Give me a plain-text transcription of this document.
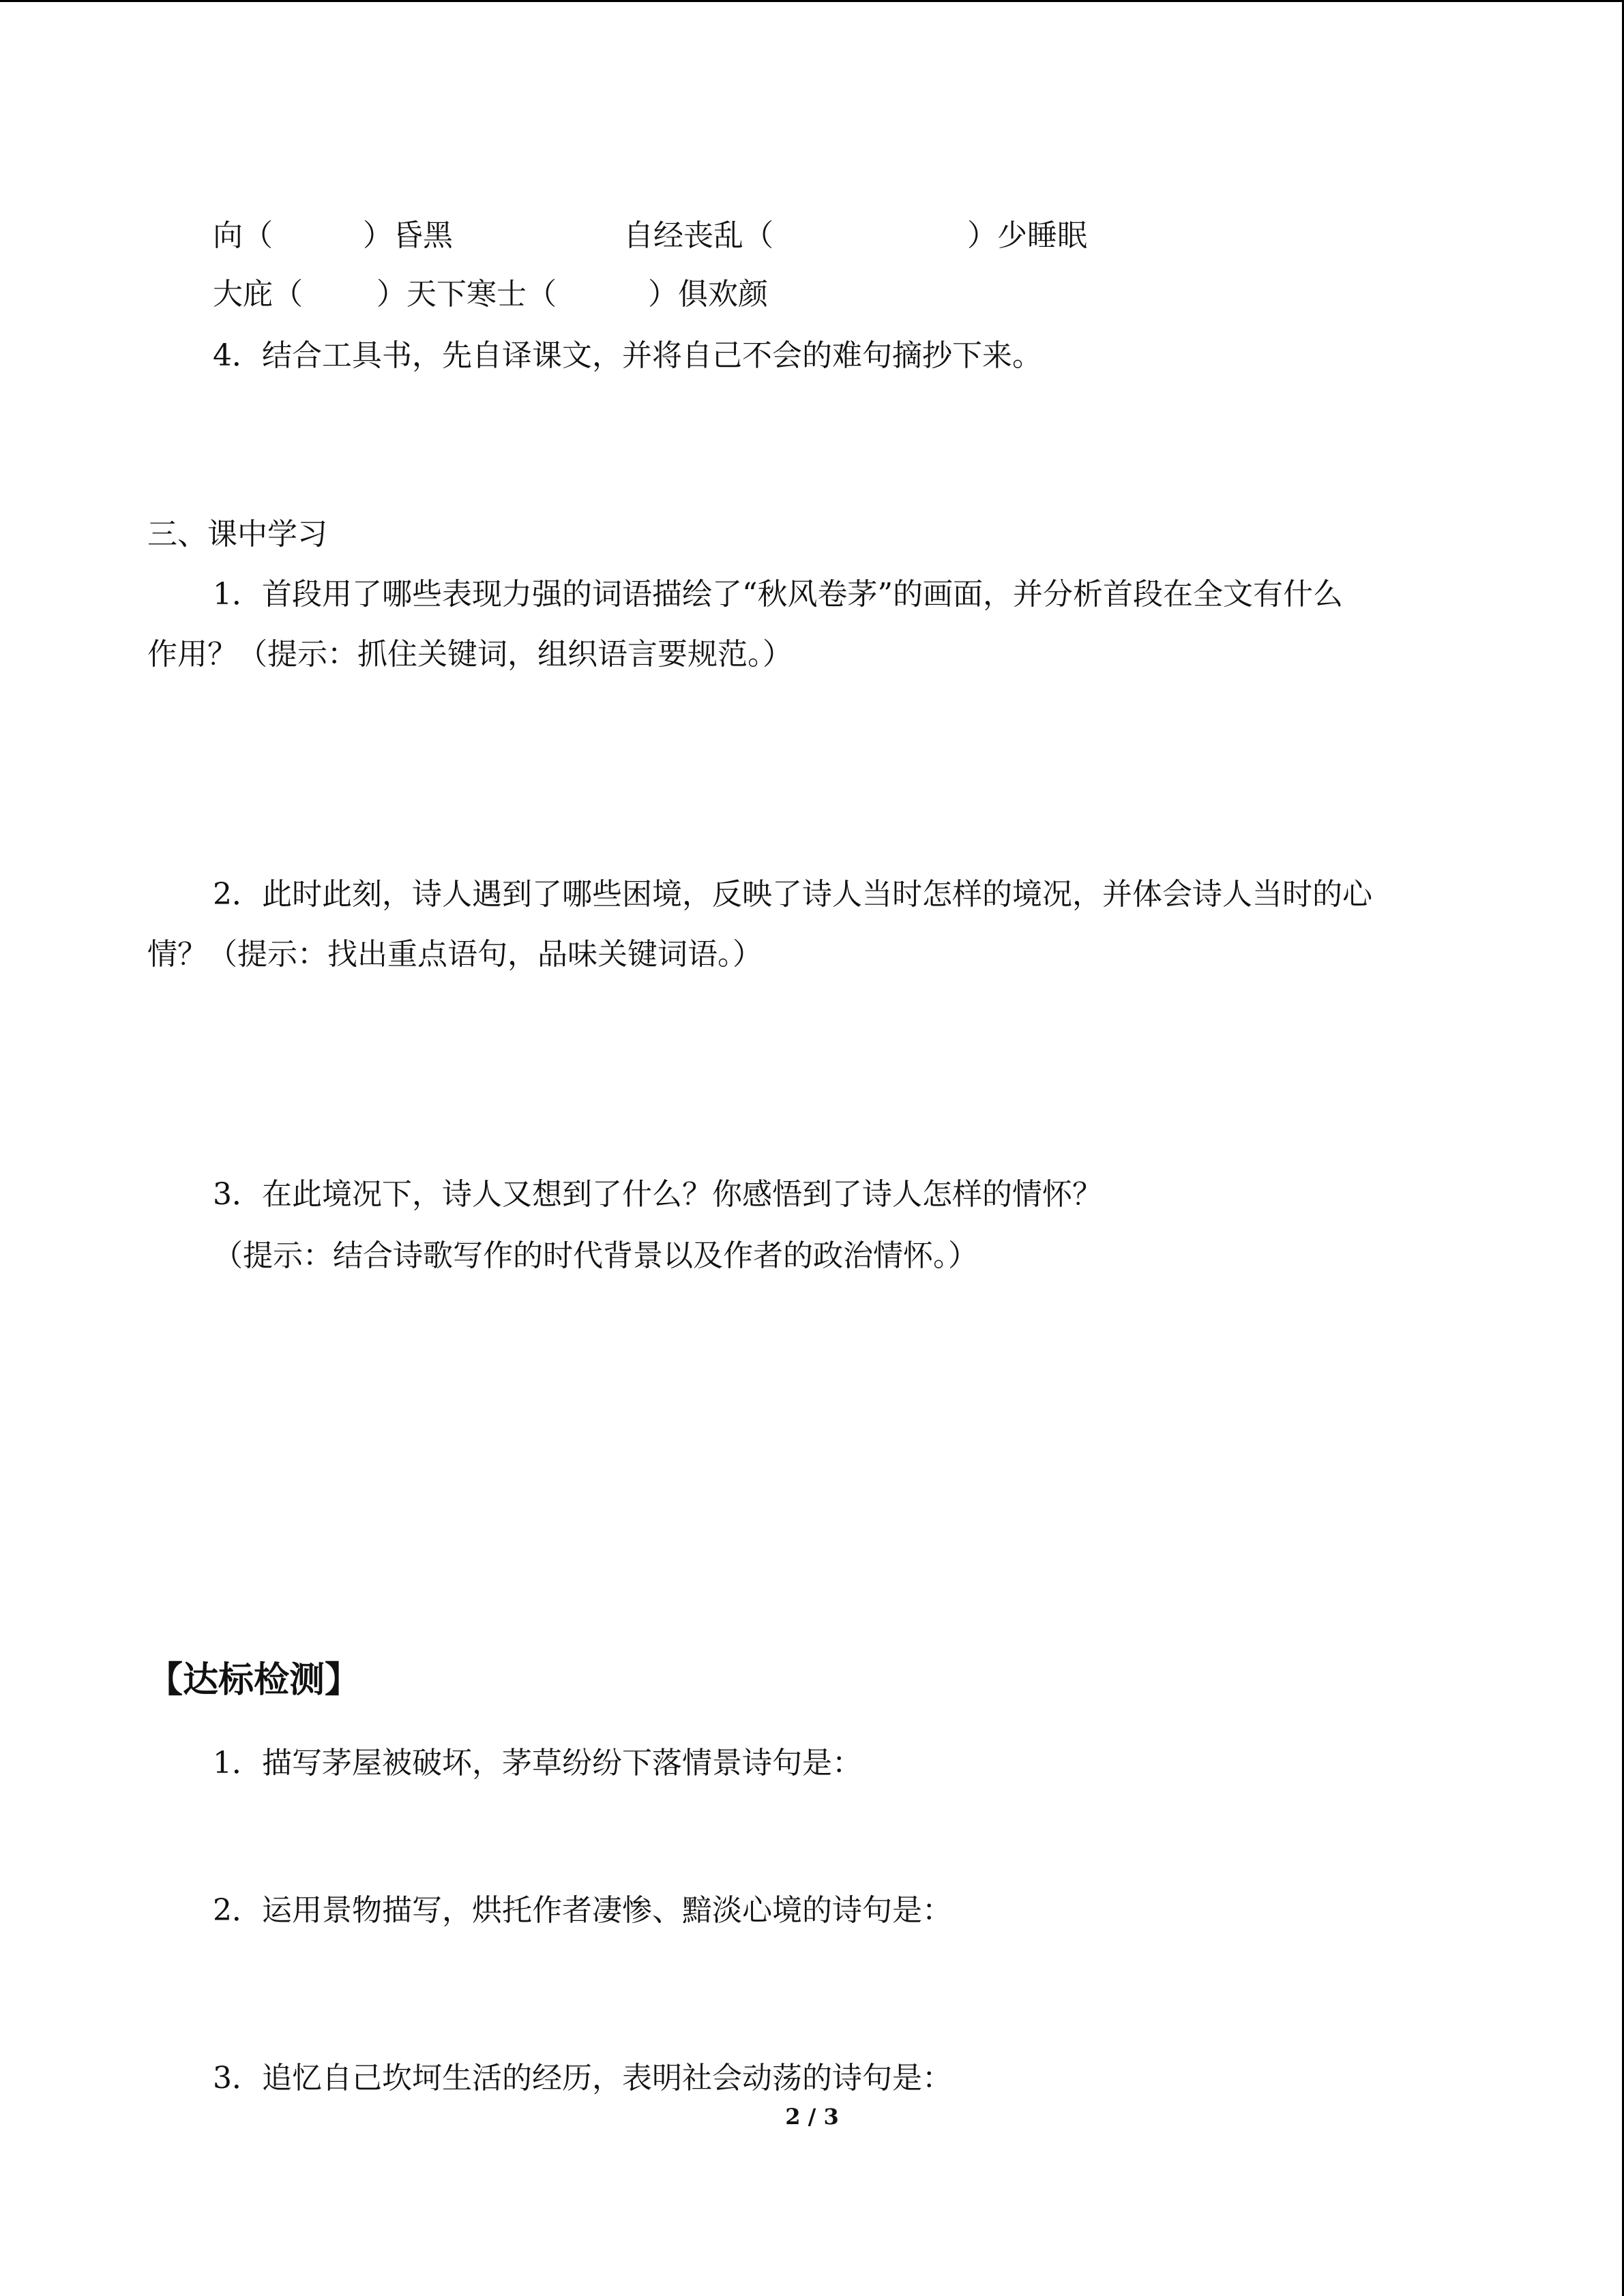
向（	）昏黑	自经丧乱（	）少睡眠
大庇（ ）天下寒士（	）俱欢颜
4．结合工具书，先自译课文，并将自己不会的难句摘抄下来。
三、课中学习
1．首段用了哪些表现力强的词语描绘了“秋风卷茅”的画面，并分析首段在全文有什么
作用？（提示：抓住关键词，组织语言要规范。）
2．此时此刻，诗人遇到了哪些困境，反映了诗人当时怎样的境况，并体会诗人当时的心
情？（提示：找出重点语句，品味关键词语。）
3．在此境况下，诗人又想到了什么？你感悟到了诗人怎样的情怀？
（提示：结合诗歌写作的时代背景以及作者的政治情怀。）
【达标检测】
1．描写茅屋被破坏，茅草纷纷下落情景诗句是：
2．运用景物描写，烘托作者凄惨、黯淡心境的诗句是：
3．追忆自己坎坷生活的经历，表明社会动荡的诗句是：
2 / 3
